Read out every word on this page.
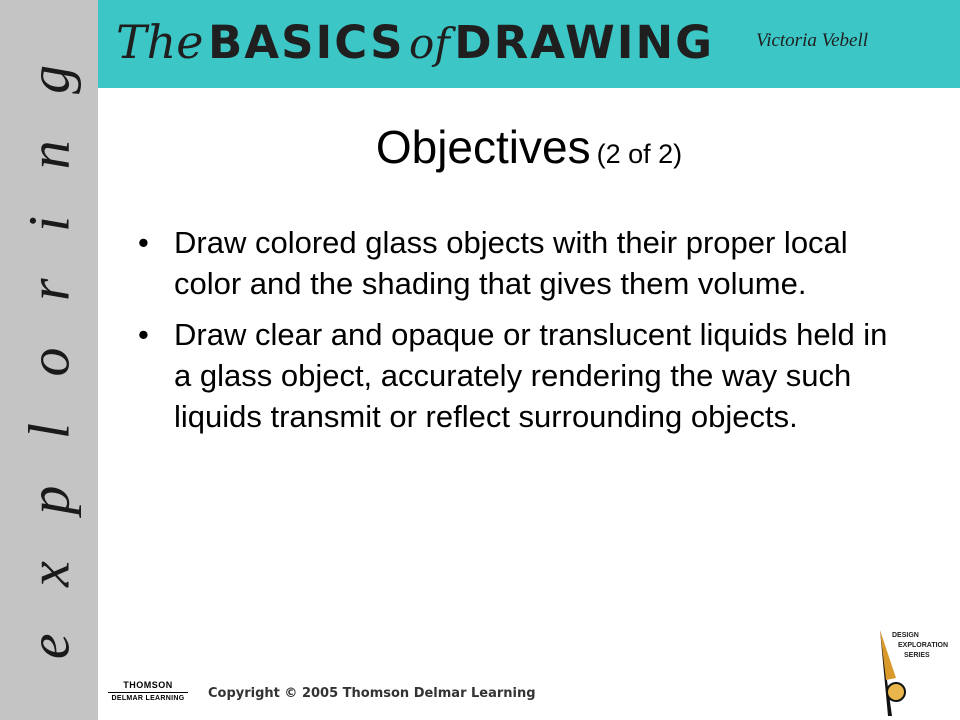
e x p l o r i n g
The BASICS of DRAWING Victoria Vebell
Objectives (2 of 2)
• Draw colored glass objects with their proper local color and the shading that gives them volume.
• Draw clear and opaque or translucent liquids held in a glass object, accurately rendering the way such liquids transmit or reflect surrounding objects.
THOMSON
DELMAR LEARNING Copyright © 2005 Thomson Delmar Learning
DESIGN
EXPLORATION
SERIES
